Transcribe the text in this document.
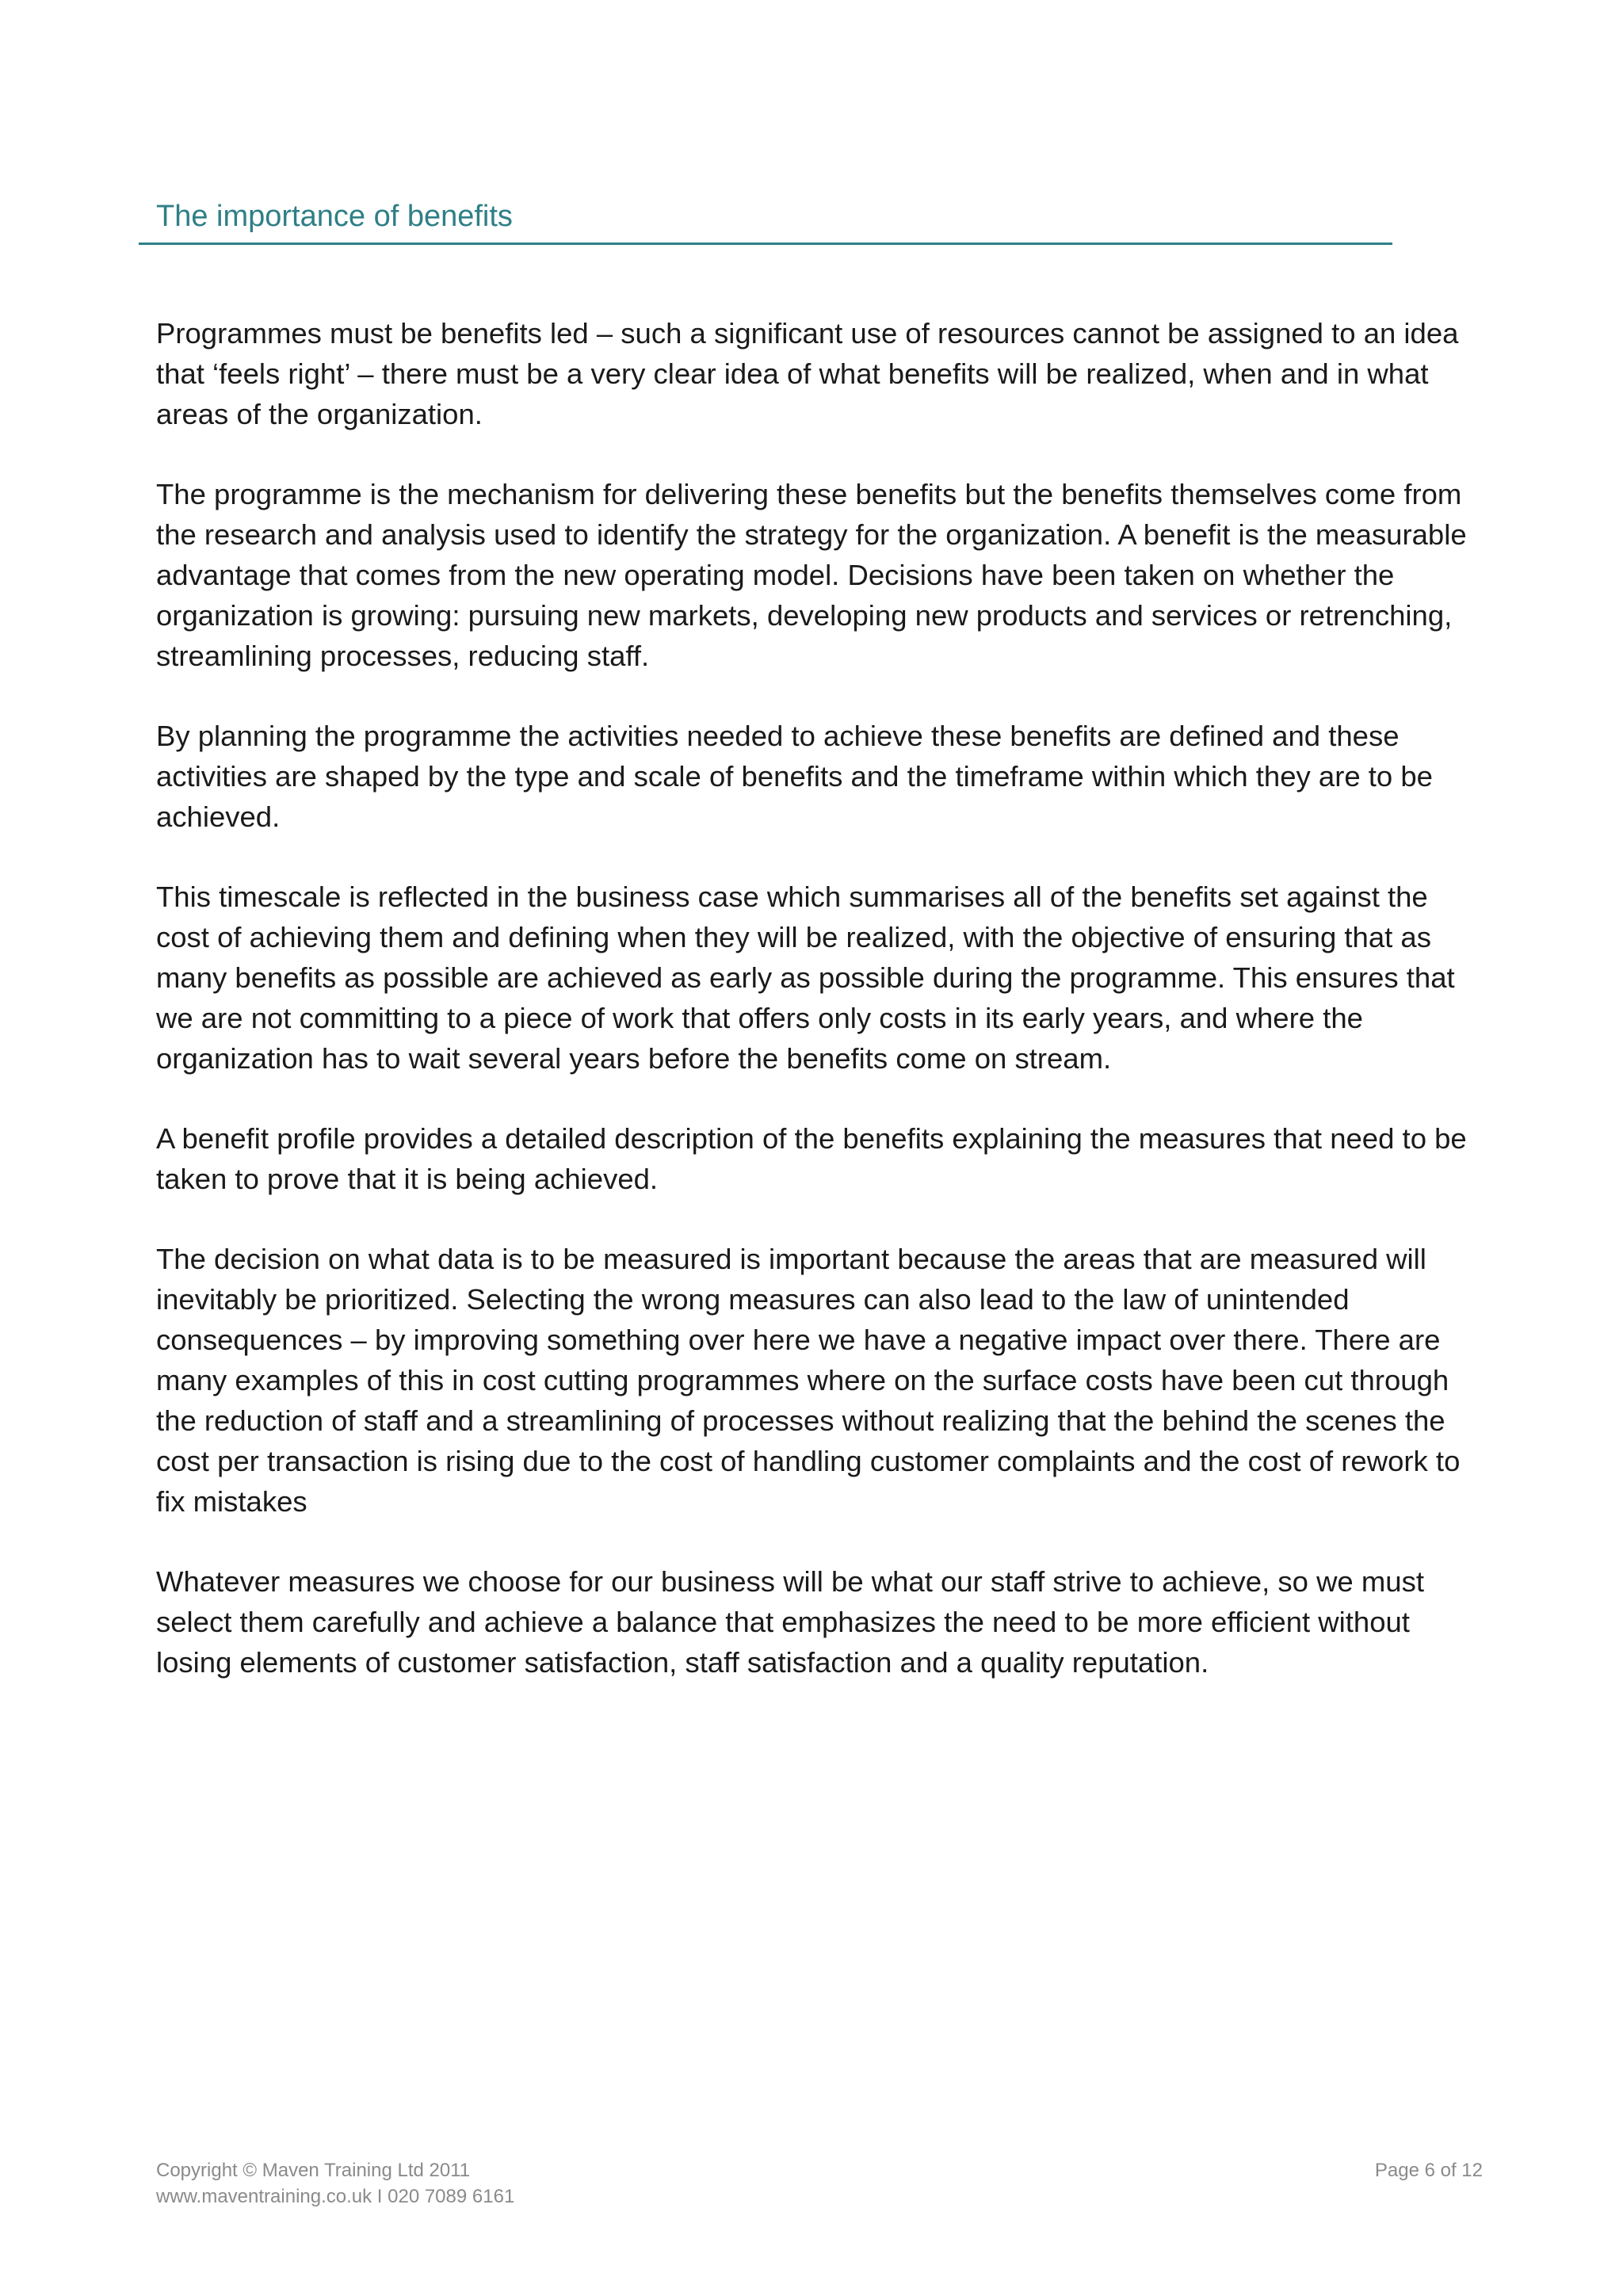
The importance of benefits

Programmes must be benefits led – such a significant use of resources cannot be assigned to an idea that ‘feels right’ – there must be a very clear idea of what benefits will be realized, when and in what areas of the organization.

The programme is the mechanism for delivering these benefits but the benefits themselves come from the research and analysis used to identify the strategy for the organization. A benefit is the measurable advantage that comes from the new operating model. Decisions have been taken on whether the organization is growing: pursuing new markets, developing new products and services or retrenching, streamlining processes, reducing staff.

By planning the programme the activities needed to achieve these benefits are defined and these activities are shaped by the type and scale of benefits and the timeframe within which they are to be achieved.

This timescale is reflected in the business case which summarises all of the benefits set against the cost of achieving them and defining when they will be realized, with the objective of ensuring that as many benefits as possible are achieved as early as possible during the programme. This ensures that we are not committing to a piece of work that offers only costs in its early years, and where the organization has to wait several years before the benefits come on stream.

A benefit profile provides a detailed description of the benefits explaining the measures that need to be taken to prove that it is being achieved.

The decision on what data is to be measured is important because the areas that are measured will inevitably be prioritized. Selecting the wrong measures can also lead to the law of unintended consequences – by improving something over here we have a negative impact over there. There are many examples of this in cost cutting programmes where on the surface costs have been cut through the reduction of staff and a streamlining of processes without realizing that the behind the scenes the cost per transaction is rising due to the cost of handling customer complaints and the cost of rework to fix mistakes

Whatever measures we choose for our business will be what our staff strive to achieve, so we must select them carefully and achieve a balance that emphasizes the need to be more efficient without losing elements of customer satisfaction, staff satisfaction and a quality reputation.

Copyright © Maven Training Ltd 2011
www.maventraining.co.uk I 020 7089 6161
Page 6 of 12
